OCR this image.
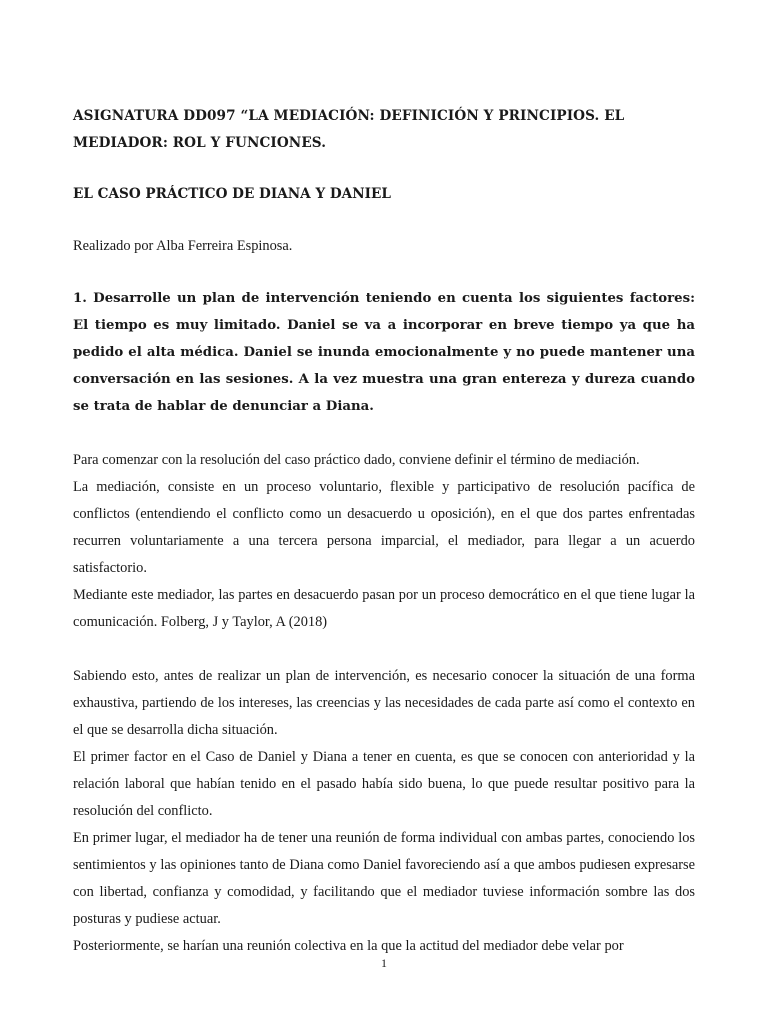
ASIGNATURA DD097 “LA MEDIACIÓN: DEFINICIÓN Y PRINCIPIOS. EL MEDIADOR: ROL Y FUNCIONES.

EL CASO PRÁCTICO DE DIANA Y DANIEL

Realizado por Alba Ferreira Espinosa.

1. Desarrolle un plan de intervención teniendo en cuenta los siguientes factores: El tiempo es muy limitado. Daniel se va a incorporar en breve tiempo ya que ha pedido el alta médica. Daniel se inunda emocionalmente y no puede mantener una conversación en las sesiones. A la vez muestra una gran entereza y dureza cuando se trata de hablar de denunciar a Diana.

Para comenzar con la resolución del caso práctico dado, conviene definir el término de mediación.

La mediación, consiste en un proceso voluntario, flexible y participativo de resolución pacífica de conflictos (entendiendo el conflicto como un desacuerdo u oposición), en el que dos partes enfrentadas recurren voluntariamente a una tercera persona imparcial, el mediador, para llegar a un acuerdo satisfactorio.

Mediante este mediador, las partes en desacuerdo pasan por un proceso democrático en el que tiene lugar la comunicación. Folberg, J y Taylor, A (2018)

Sabiendo esto, antes de realizar un plan de intervención, es necesario conocer la situación de una forma exhaustiva, partiendo de los intereses, las creencias y las necesidades de cada parte así como el contexto en el que se desarrolla dicha situación.

El primer factor en el Caso de Daniel y Diana a tener en cuenta, es que se conocen con anterioridad y la relación laboral que habían tenido en el pasado había sido buena, lo que puede resultar positivo para la resolución del conflicto.

En primer lugar, el mediador ha de tener una reunión de forma individual con ambas partes, conociendo los sentimientos y las opiniones tanto de Diana como Daniel favoreciendo así a que ambos pudiesen expresarse con libertad, confianza y comodidad, y facilitando que el mediador tuviese información sombre las dos posturas y pudiese actuar.

Posteriormente, se harían una reunión colectiva en la que la actitud del mediador debe velar por

1
